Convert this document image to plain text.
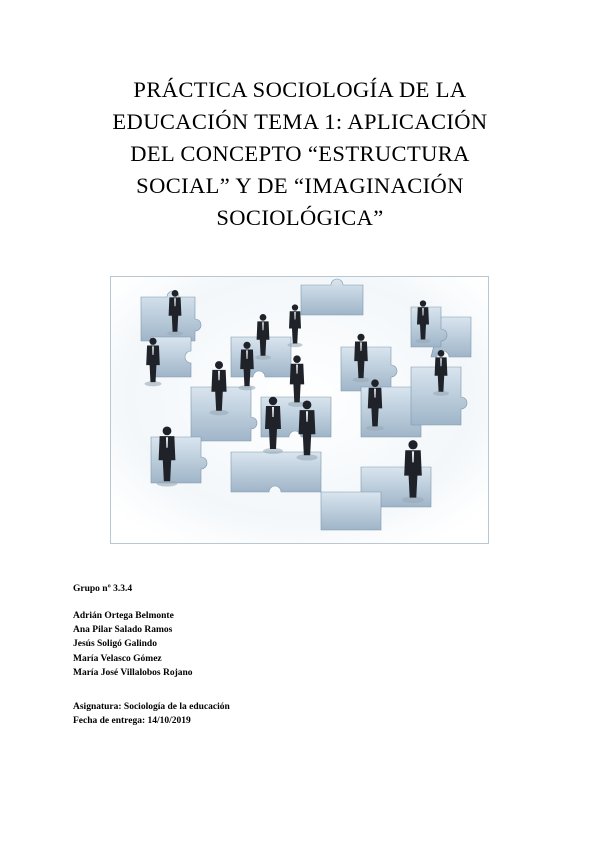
PRÁCTICA SOCIOLOGÍA DE LA
EDUCACIÓN TEMA 1: APLICACIÓN
DEL CONCEPTO “ESTRUCTURA
SOCIAL” Y DE “IMAGINACIÓN
SOCIOLÓGICA”
Grupo nº 3.3.4
Adrián Ortega Belmonte
Ana Pilar Salado Ramos
Jesús Soligó Galindo
María Velasco Gómez
María José Villalobos Rojano
Asignatura: Sociología de la educación
Fecha de entrega: 14/10/2019
